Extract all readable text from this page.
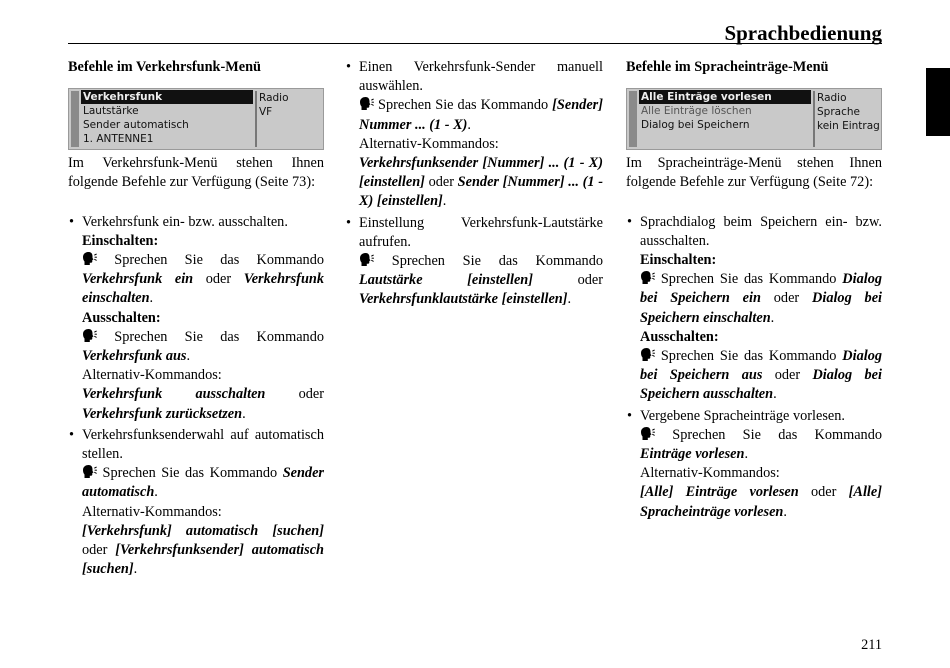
Sprachbedienung
Befehle im Verkehrsfunk-Menü
Verkehrsfunk
Lautstärke
Sender automatisch
1. ANTENNE1
Radio
VF

Im Verkehrsfunk-Menü stehen Ihnen folgende Befehle zur Verfügung (Seite 73):

• Verkehrsfunk ein- bzw. ausschalten.
Einschalten:
Sprechen Sie das Kommando Verkehrsfunk ein oder Verkehrsfunk einschalten.
Ausschalten:
Sprechen Sie das Kommando Verkehrsfunk aus.
Alternativ-Kommandos:
Verkehrsfunk ausschalten oder Verkehrsfunk zurücksetzen.
• Verkehrsfunksenderwahl auf automatisch stellen.
Sprechen Sie das Kommando Sender automatisch.
Alternativ-Kommandos:
[Verkehrsfunk] automatisch [suchen] oder [Verkehrsfunksender] automatisch [suchen].
• Einen Verkehrsfunk-Sender manuell auswählen.
Sprechen Sie das Kommando [Sender] Nummer ... (1 - X).
Alternativ-Kommandos:
Verkehrsfunksender [Nummer] ... (1 - X) [einstellen] oder Sender [Nummer] ... (1 - X) [einstellen].
• Einstellung Verkehrsfunk-Lautstärke aufrufen.
Sprechen Sie das Kommando Lautstärke [einstellen]	oder Verkehrsfunklautstärke [einstellen].
Befehle im Spracheinträge-Menü
Alle Einträge vorlesen
Alle Einträge löschen
Dialog bei Speichern
Radio
Sprache
kein Eintrag

Im Spracheinträge-Menü stehen Ihnen folgende Befehle zur Verfügung (Seite 72):

• Sprachdialog beim Speichern ein- bzw. ausschalten.
Einschalten:
Sprechen Sie das Kommando Dialog bei Speichern ein oder Dialog bei Speichern einschalten.
Ausschalten:
Sprechen Sie das Kommando Dialog bei Speichern aus oder Dialog bei Speichern ausschalten.
• Vergebene Spracheinträge vorlesen.
Sprechen Sie das Kommando Einträge vorlesen.
Alternativ-Kommandos:
[Alle] Einträge vorlesen oder [Alle] Spracheinträge vorlesen.
211
